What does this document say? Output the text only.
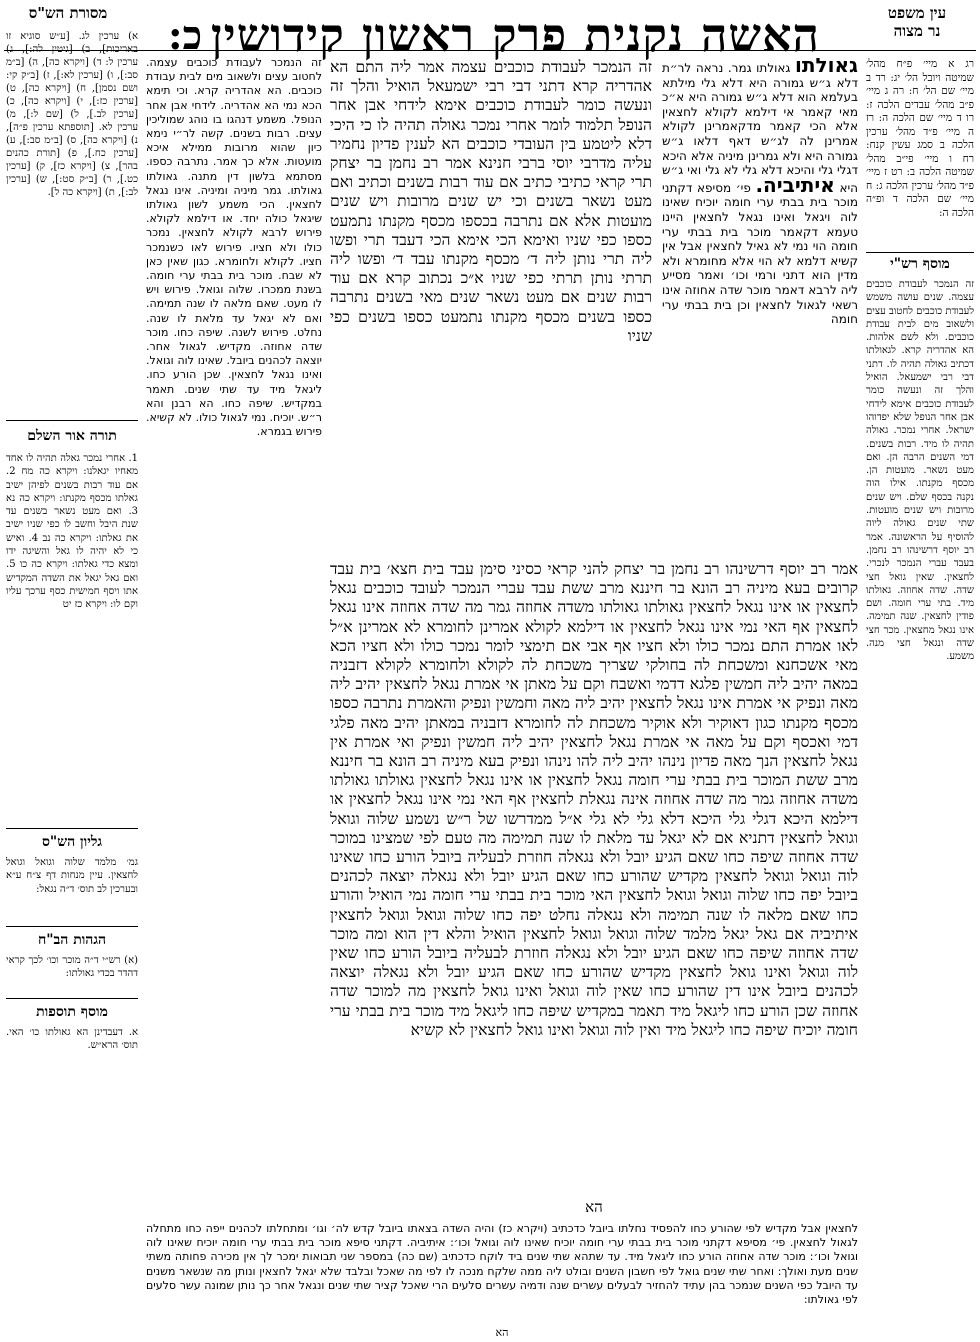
מסורת הש"ס	כ: האשה נקנית פרק ראשון קידושין	עין משפט
נר מצוה
רג א מיי׳ פ״ח מהל׳ שמיטה ויובל הל׳ יג: רד ב מיי׳ שם הל׳ ח: רה ג מיי׳ פ״ב מהל׳ עבדים הלכה ז: רו ד מיי׳ שם הלכה ה: רז ה מיי׳ פ״ד מהל׳ ערכין הלכה ב סמג עשין קנח: רח ו מיי׳ פי״ב מהל׳ שמיטה הלכה ב: רט ז מיי׳ פ״ד מהל׳ ערכין הלכה ג: ח מיי׳ שם הלכה ד ופ״ה הלכה ה:
מוסף רש"י
זה הנמכר לעבודת כוכבים עצמה. שנים עושה משמש לעבודת כוכבים לחטוב עצים ולשאוב מים לבית עבודת כוכבים. ולא לשם אלהות. הא אהדריה קרא. לגאולתו דכתיב גאולה תהיה לו. דתני דבי רבי ישמעאל. הואיל והלך זה ונעשה כומר לעבודת כוכבים אימא לידחי אבן אחר הנופל שלא יפדוהו ישראל. אחרי נמכר. גאולה תהיה לו מיד. רבות בשנים. דמי השנים הרבה הן. ואם מעט נשאר. מועטות הן. מכסף מקנתו. אילו הוה נקנה בכסף שלם. ויש שנים מרובות ויש שנים מועטות. שתי שנים גאולה ליוה להוסיף על הראשונה. אמר רב יוסף דרשינהו רב נחמן. בעבד עברי הנמכר לנכרי. לחצאין. שאין גואל חצי שדה. שדה אחוזה. גאולתו מיד. בתי ערי חומה. ושם פודין לחצאין. שנה תמימה. אינו נגאל מחצאין. מכר חצי שדה ונגאל חצי מנה. משמע.
גאולתו גאולתו גמר. נראה לר״ת דלא ג״ש גמורה היא דלא גלי מילתא בעלמא הוא דלא ג״ש גמורה היא א״כ מאי קאמר אי דילמא לקולא לחצאין אלא הכי קאמר מדקאמרינן לקולא אמרינן לה לג״ש דאף דלאו ג״ש גמורה היא ולא גמרינן מיניה אלא היכא דגלי גלי והיכא דלא גלי לא גלי ואי ג״ש היא איתיביה. פי׳ מסיפא דקתני מוכר בית בבתי ערי חומה יוכיח שאינו לוה ויגאל ואינו נגאל לחצאין היינו טעמא דקאמר מוכר בית בבתי ערי חומה הוי נמי לא גאיל לחצאין אבל אין קשיא דלמא לא הוי אלא מחומרא ולא מדין הוא דתני ורמי וכו׳ ואמר מסייע ליה לרבא דאמר מוכר שדה אחוזה אינו רשאי לגאול לחצאין וכן בית בבתי ערי חומה
זה הנמכר לעבודת כוכבים עצמה אמר ליה התם הא אהדריה קרא דתני דבי רבי ישמעאל הואיל והלך זה ונעשה כומר לעבודת כוכבים אימא לידחי אבן אחר הנופל תלמוד לומר אחרי נמכר גאולה תהיה לו כי היכי דלא ליטמע בין העובדי כוכבים הא לענין פדיון נחמיר עליה מדרבי יוסי ברבי חנינא אמר רב נחמן בר יצחק תרי קראי כתיבי כתיב אם עוד רבות בשנים וכתיב ואם מעט נשאר בשנים וכי יש שנים מרובות ויש שנים מועטות אלא אם נתרבה בכספו מכסף מקנתו נתמעט כספו כפי שניו ואימא הכי אימא הכי דעבד תרי ופשו ליה תרי נותן ליה ד׳ מכסף מקנתו עבד ד׳ ופשו ליה תרתי נותן תרתי כפי שניו א״כ נכתוב קרא אם עוד רבות שנים אם מעט נשאר שנים מאי בשנים נתרבה כספו בשנים מכסף מקנתו נתמעט כספו בשנים כפי שניו
אמר רב יוסף דרשינהו רב נחמן בר יצחק להני קראי כסיני סימן עבד בית חצא׳ בית עבד קרובים בעא מיניה רב הונא בר חיננא מרב ששת עבד עברי הנמכר לעובד כוכבים נגאל לחצאין או אינו נגאל לחצאין גאולתו גאולתו משדה אחוזה גמר מה שדה אחוזה אינו נגאל לחצאין אף האי נמי אינו נגאל לחצאין או דילמא לקולא אמרינן לחומרא לא אמרינן א״ל לאו אמרת התם נמכר כולו ולא חציו אף אבי אם תימצי לומר נמכר כולו ולא חציו הכא מאי אשכחנא ומשכחת לה בחולקי שצריך משכחת לה לקולא ולחומרא לקולא דזבניה במאה יהיב ליה חמשין פלגא דדמי ואשבח וקם על מאתן אי אמרת נגאל לחצאין יהיב ליה מאה ונפיק אי אמרת אינו נגאל לחצאין יהיב ליה מאה וחמשין ונפיק והאמרת נתרבה כספו מכסף מקנתו כגון דאוקיר ולא אוקיר משכחת לה לחומרא דזבניה במאתן יהיב מאה פלגי דמי ואכסף וקם על מאה אי אמרת נגאל לחצאין יהיב ליה חמשין ונפיק ואי אמרת אין נגאל לחצאין הנך מאה פדיון נינהו יהיב ליה להו נינהו ונפיק בעא מיניה רב הונא בר חיננא מרב ששת המוכר בית בבתי ערי חומה נגאל לחצאין או אינו נגאל לחצאין גאולתו גאולתו משדה אחוזה גמר מה שדה אחוזה אינה נגאלת לחצאין אף האי נמי אינו נגאל לחצאין או דילמא היכא דגלי גלי היכא דלא גלי לא גלי א״ל ממדרשו של ר״ש נשמע שלוה וגואל וגואל לחצאין דתניא אם לא יגאל עד מלאת לו שנה תמימה מה טעם לפי שמצינו במוכר שדה אחוזה שיפה כחו שאם הגיע יובל ולא נגאלה חוזרת לבעליה ביובל הורע כחו שאינו לוה וגואל וגואל לחצאין מקדיש שהורע כחו שאם הגיע יובל ולא נגאלה יוצאה לכהנים ביובל יפה כחו שלוה וגואל וגואל לחצאין האי מוכר בית בבתי ערי חומה נמי הואיל והורע כחו שאם מלאה לו שנה תמימה ולא נגאלה נחלט יפה כחו שלוה וגואל וגואל לחצאין איתיביה אם גאל יגאל מלמד שלוה וגואל וגואל לחצאין הואיל והלא דין הוא ומה מוכר שדה אחוזה שיפה כחו שאם הגיע יובל ולא נגאלה חוזרת לבעליה ביובל הורע כחו שאין לוה וגואל ואינו גואל לחצאין מקדיש שהורע כחו שאם הגיע יובל ולא נגאלה יוצאה לכהנים ביובל אינו דין שהורע כחו שאין לוה וגואל ואינו גואל לחצאין מה למוכר שדה אחוזה שכן הורע כחו ליגאל מיד תאמר במקדיש שיפה כחו ליגאל מיד מוכר בית בבתי ערי חומה יוכיח שיפה כחו ליגאל מיד ואין לוה וגואל ואינו גואל לחצאין לא קשיא
הא
זה הנמכר לעבודת כוכבים עצמה. לחטוב עצים ולשאוב מים לבית עבודת כוכבים. הא אהדריה קרא. וכי תימא הכא נמי הא אהדריה. לידחי אבן אחר הנופל. משמע דנהגו בו נוהג שמוליכין עצים. רבות בשנים. קשה לר״י נימא כיון שהוא מרובות ממילא איכא מועטות. אלא כך אמר. נתרבה כספו. מסתמא בלשון דין מתנה. גאולתו גאולתו. גמר מיניה ומיניה. אינו נגאל לחצאין. הכי משמע לשון גאולתו שיגאל כולה יחד. או דילמא לקולא. פירוש לרבא לקולא לחצאין. נמכר כולו ולא חציו. פירוש לאו כשנמכר חציו. לקולא ולחומרא. כגון שאין כאן לא שבח. מוכר בית בבתי ערי חומה. בשנת ממכרו. שלוה וגואל. פירוש ויש לו מעט. שאם מלאה לו שנה תמימה. ואם לא יגאל עד מלאת לו שנה. נחלט. פירוש לשנה. שיפה כחו. מוכר שדה אחוזה. מקדיש. לגאול אחר. יוצאה לכהנים ביובל. שאינו לוה וגואל. ואינו נגאל לחצאין. שכן הורע כחו. ליגאל מיד עד שתי שנים. תאמר במקדיש. שיפה כחו. הא רבנן והא ר״ש. יוכיח. נמי לגאול כולו. לא קשיא. פירוש בגמרא.
א) ערכין לג. [ע״ש סוגיא זו באריכות], ב) [גיטין לה:], ג) ערכין ל: ד) [ויקרא כה], ה) [ב״מ סב:], ו) [ערכין לא:], ז) [ב״ק קי: ושם נסמן], ח) [ויקרא כה], ט) [ערכין כז:], י) [ויקרא כה], כ) [ערכין לב.], ל) [שם ל:], מ) ערכין לא. [תוספתא ערכין פ״ה], נ) [ויקרא כה], ס) [ב״מ סב:], ע) [ערכין כח.], פ) [תורת כהנים בהר], צ) [ויקרא כז], ק) [ערכין כט.], ר) [ב״ק סט:], ש) [ערכין לב:], ת) [ויקרא כה ל].
תורה אור השלם
1. אחרי נמכר גאלה תהיה לו אחד מאחיו יגאלנו: ויקרא כה מח 2. אם עוד רבות בשנים לפיהן ישיב גאלתו מכסף מקנתו: ויקרא כה נא 3. ואם מעט נשאר בשנים עד שנת היבל וחשב לו כפי שניו ישיב את גאלתו: ויקרא כה נב 4. ואיש כי לא יהיה לו גאל והשיגה ידו ומצא כדי גאלתו: ויקרא כה כו 5. ואם גאל יגאל את השדה המקדיש אתו ויסף חמישית כסף ערכך עליו וקם לו: ויקרא כז יט
גליון הש"ס
גמ׳ מלמד שלוה וגואל וגואל לחצאין. עיין מנחות דף צ״ח ע״א ובערכין לב תוס׳ ד״ה נגאל:
הגהות הב"ח
(א) רש״י ד״ה מוכר וכו׳ לכך קראי דהדר בכדי גאולתו:
מוסף תוספות
א. דעבדינן הא גאולתו כו׳ האי. תוס׳ הרא״ש.
לחצאין אבל מקדיש לפי שהורע כחו להפסיד נחלתו ביובל כדכתיב (ויקרא כז) והיה השדה בצאתו ביובל קדש לה׳ וגו׳ ומתחלתו לכהנים ייפה כחו מתחלה לגאול לחצאין. פי׳ מסיפא דקתני מוכר בית בבתי ערי חומה יוכיח שאינו לוה וגואל וכו׳: איתיביה. דקתני סיפא מוכר בית בבתי ערי חומה יוכיח שאינו לוה וגואל וכו׳: מוכר שדה אחוזה הורע כחו ליגאל מיד. עד שתהא שתי שנים ביד לוקח כדכתיב (שם כה) במספר שני תבואות ימכר לך אין מכירה פחותה משתי שנים מעת ואולך: ואחר שתי שנים גואל לפי חשבון השנים ובולט ליה ממה שלקח מנכה לו לפי מה שאכל ובלבד שלא יגאל לחצאין ונותן מה שנשאר משנים עד היובל כפי השנים שנמכר בהן עתיד להחזיר לבעלים עשרים שנה ודמיה עשרים סלעים הרי שאכל קציר שתי שנים ונגאל אחר כך נותן שמונה עשר סלעים לפי גאולתו:
הא
